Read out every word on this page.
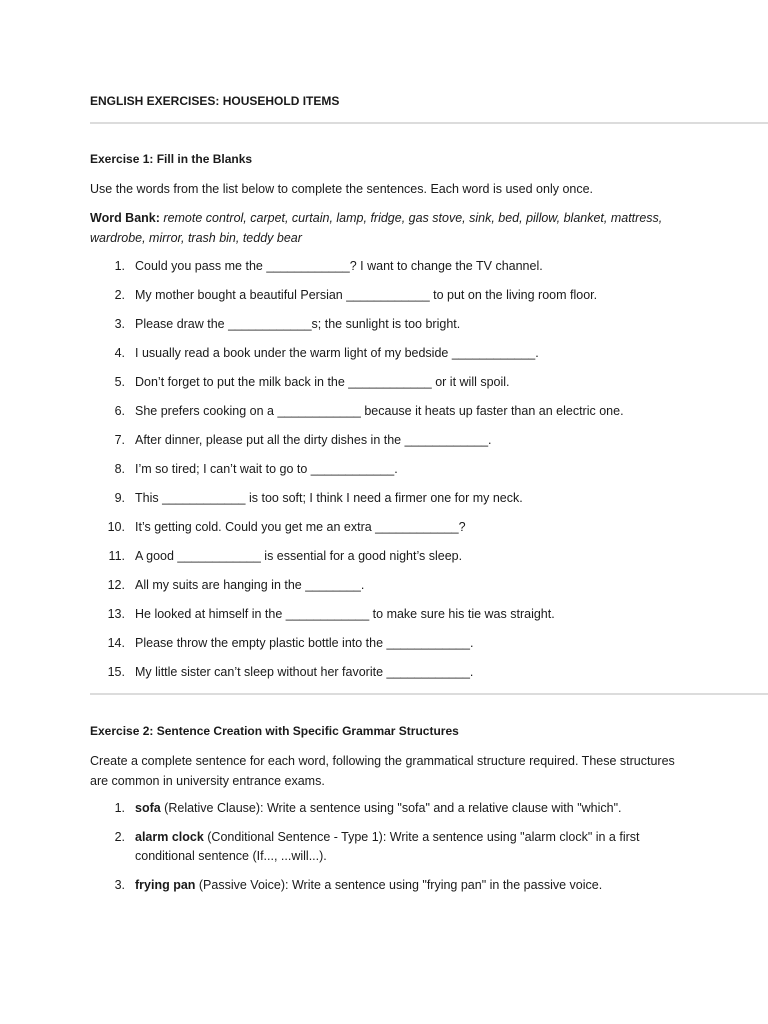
ENGLISH EXERCISES: HOUSEHOLD ITEMS
Exercise 1: Fill in the Blanks
Use the words from the list below to complete the sentences. Each word is used only once.
Word Bank: remote control, carpet, curtain, lamp, fridge, gas stove, sink, bed, pillow, blanket, mattress, wardrobe, mirror, trash bin, teddy bear
1. Could you pass me the ____________? I want to change the TV channel.
2. My mother bought a beautiful Persian ____________ to put on the living room floor.
3. Please draw the ____________s; the sunlight is too bright.
4. I usually read a book under the warm light of my bedside ____________.
5. Don’t forget to put the milk back in the ____________ or it will spoil.
6. She prefers cooking on a ____________ because it heats up faster than an electric one.
7. After dinner, please put all the dirty dishes in the ____________.
8. I’m so tired; I can’t wait to go to ____________.
9. This ____________ is too soft; I think I need a firmer one for my neck.
10. It’s getting cold. Could you get me an extra ____________?
11. A good ____________ is essential for a good night’s sleep.
12. All my suits are hanging in the ________.
13. He looked at himself in the ____________ to make sure his tie was straight.
14. Please throw the empty plastic bottle into the ____________.
15. My little sister can’t sleep without her favorite ____________.
Exercise 2: Sentence Creation with Specific Grammar Structures
Create a complete sentence for each word, following the grammatical structure required. These structures are common in university entrance exams.
1. sofa (Relative Clause): Write a sentence using "sofa" and a relative clause with "which".
2. alarm clock (Conditional Sentence - Type 1): Write a sentence using "alarm clock" in a first conditional sentence (If..., ...will...).
3. frying pan (Passive Voice): Write a sentence using "frying pan" in the passive voice.
